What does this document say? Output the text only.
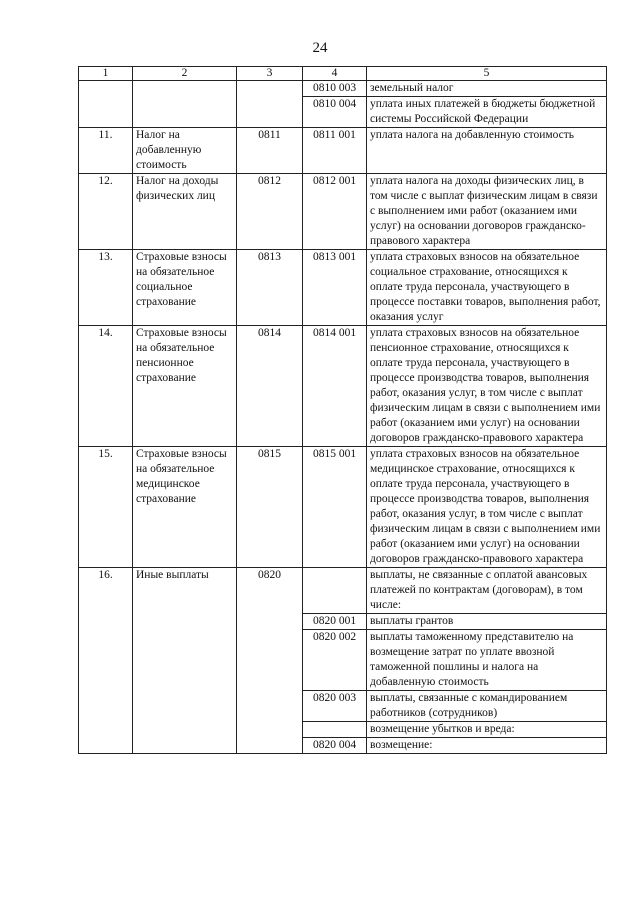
24
1	2	3	4	5
			0810 003	земельный налог
			0810 004	уплата иных платежей в бюджеты бюджетной системы Российской Федерации
11.	Налог на добавленную стоимость	0811	0811 001	уплата налога на добавленную стоимость
12.	Налог на доходы физических лиц	0812	0812 001	уплата налога на доходы физических лиц, в том числе с выплат физическим лицам в связи с выполнением ими работ (оказанием ими услуг) на основании договоров гражданско-правового характера
13.	Страховые взносы на обязательное социальное страхование	0813	0813 001	уплата страховых взносов на обязательное социальное страхование, относящихся к оплате труда персонала, участвующего в процессе поставки товаров, выполнения работ, оказания услуг
14.	Страховые взносы на обязательное пенсионное страхование	0814	0814 001	уплата страховых взносов на обязательное пенсионное страхование, относящихся к оплате труда персонала, участвующего в процессе производства товаров, выполнения работ, оказания услуг, в том числе с выплат физическим лицам в связи с выполнением ими работ (оказанием ими услуг) на основании договоров гражданско-правового характера
15.	Страховые взносы на обязательное медицинское страхование	0815	0815 001	уплата страховых взносов на обязательное медицинское страхование, относящихся к оплате труда персонала, участвующего в процессе производства товаров, выполнения работ, оказания услуг, в том числе с выплат физическим лицам в связи с выполнением ими работ (оказанием ими услуг) на основании договоров гражданско-правового характера
16.	Иные выплаты	0820		выплаты, не связанные с оплатой авансовых платежей по контрактам (договорам), в том числе:
			0820 001	выплаты грантов
			0820 002	выплаты таможенному представителю на возмещение затрат по уплате ввозной таможенной пошлины и налога на добавленную стоимость
			0820 003	выплаты, связанные с командированием работников (сотрудников)
				возмещение убытков и вреда:
			0820 004	возмещение:
